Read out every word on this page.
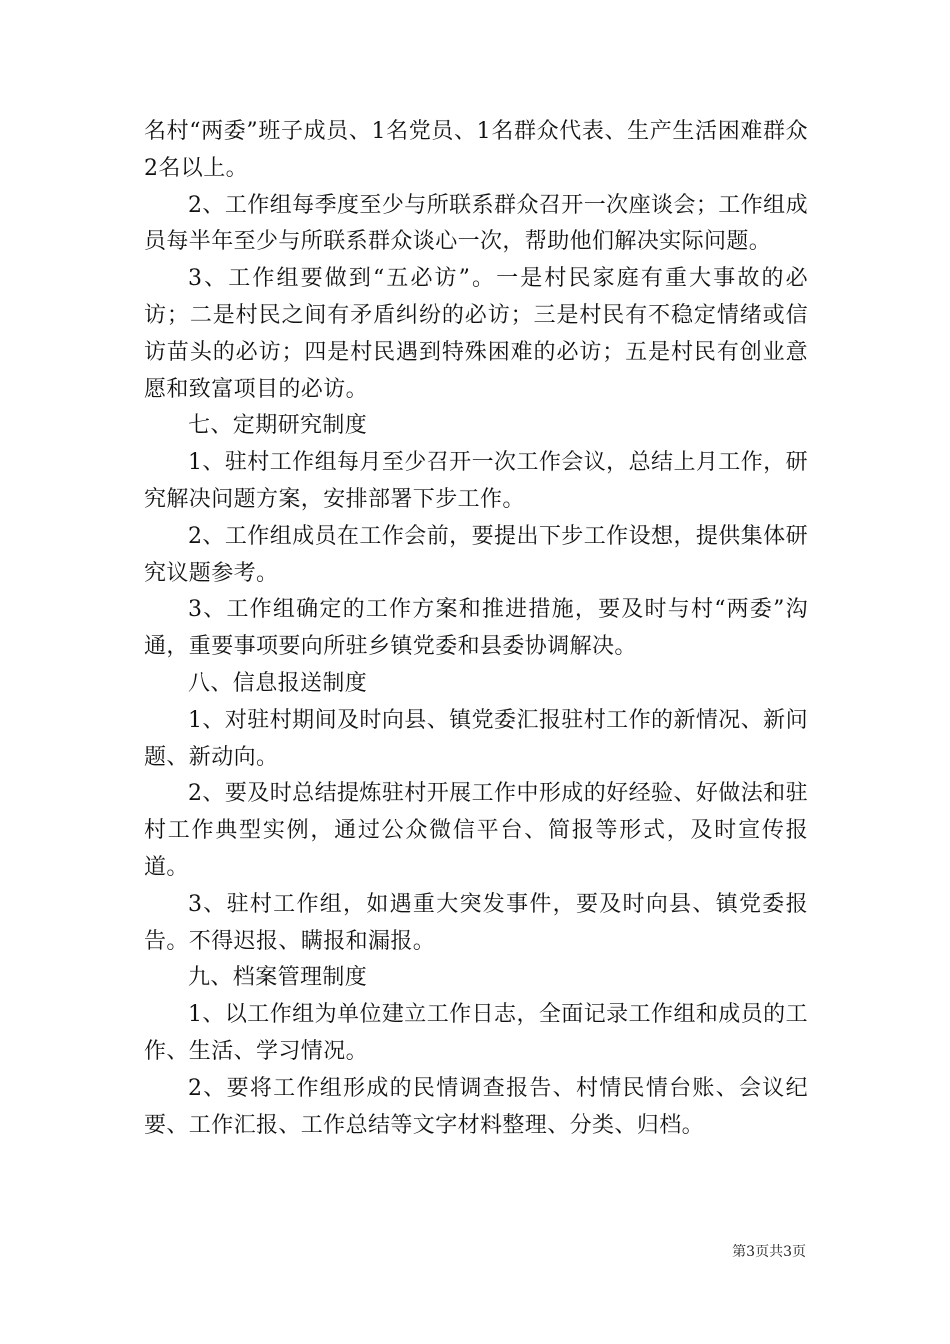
名村“两委”班子成员、1名党员、1名群众代表、生产生活困难群众2名以上。

2、工作组每季度至少与所联系群众召开一次座谈会；工作组成员每半年至少与所联系群众谈心一次，帮助他们解决实际问题。

3、工作组要做到“五必访”。一是村民家庭有重大事故的必访；二是村民之间有矛盾纠纷的必访；三是村民有不稳定情绪或信访苗头的必访；四是村民遇到特殊困难的必访；五是村民有创业意愿和致富项目的必访。

七、定期研究制度

1、驻村工作组每月至少召开一次工作会议，总结上月工作，研究解决问题方案，安排部署下步工作。

2、工作组成员在工作会前，要提出下步工作设想，提供集体研究议题参考。

3、工作组确定的工作方案和推进措施，要及时与村“两委”沟通，重要事项要向所驻乡镇党委和县委协调解决。

八、信息报送制度

1、对驻村期间及时向县、镇党委汇报驻村工作的新情况、新问题、新动向。

2、要及时总结提炼驻村开展工作中形成的好经验、好做法和驻村工作典型实例，通过公众微信平台、简报等形式，及时宣传报道。

3、驻村工作组，如遇重大突发事件，要及时向县、镇党委报告。不得迟报、瞒报和漏报。

九、档案管理制度

1、以工作组为单位建立工作日志，全面记录工作组和成员的工作、生活、学习情况。

2、要将工作组形成的民情调查报告、村情民情台账、会议纪要、工作汇报、工作总结等文字材料整理、分类、归档。

第3页共3页
